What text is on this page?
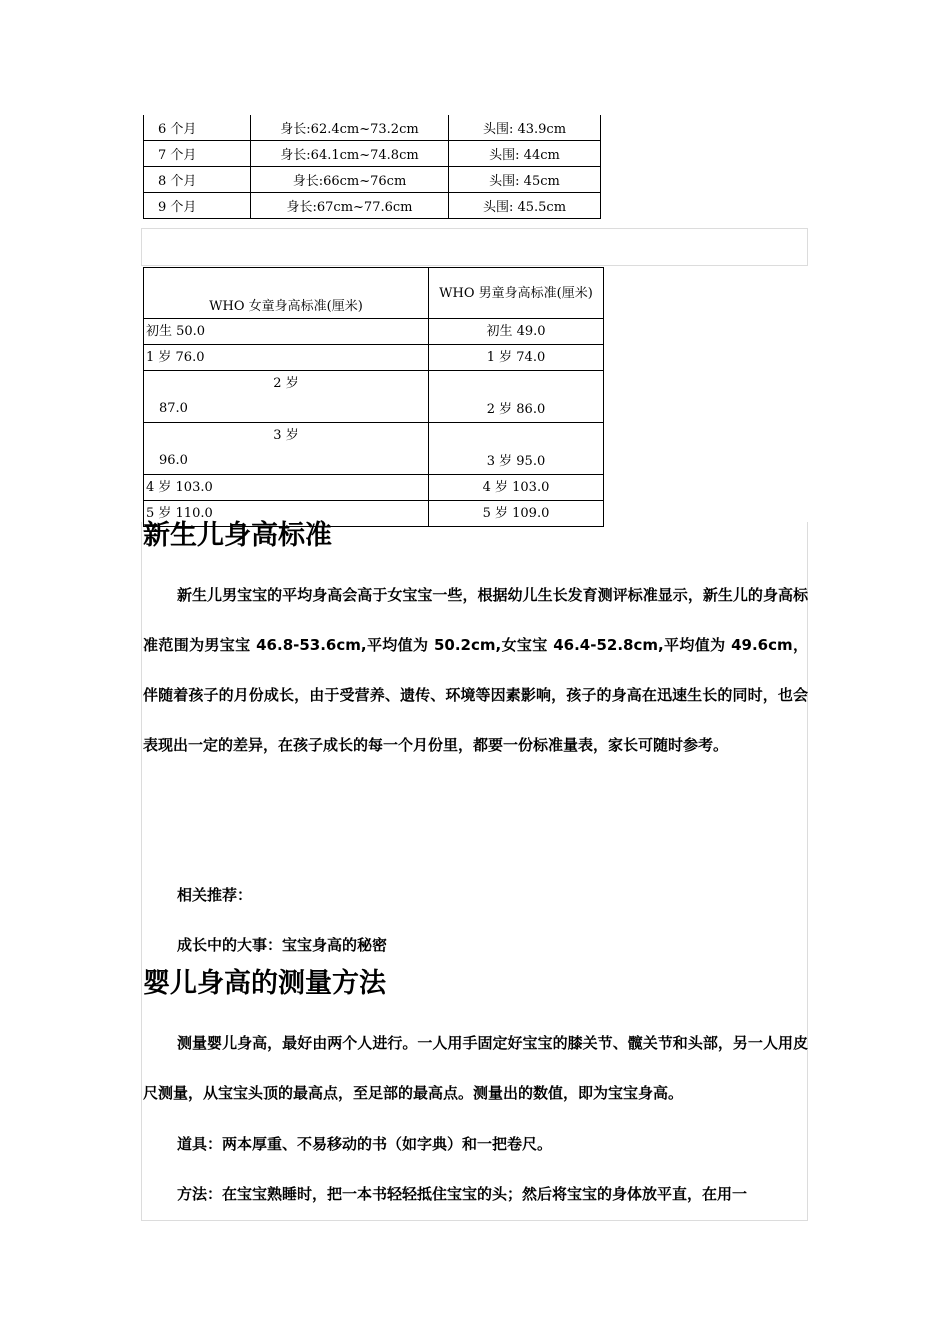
6 个月	身长:62.4cm~73.2cm	头围: 43.9cm
7 个月	身长:64.1cm~74.8cm	头围: 44cm
8 个月	身长:66cm~76cm	头围: 45cm
9 个月	身长:67cm~77.6cm	头围: 45.5cm
WHO 女童身高标准(厘米)	WHO 男童身高标准(厘米)
初生 50.0	初生 49.0
1 岁 76.0	1 岁 74.0

2 岁
87.0	2 岁 86.0

3 岁
96.0	3 岁 95.0
4 岁 103.0	4 岁 103.0
5 岁 110.0	5 岁 109.0
新生儿身高标准

新生儿男宝宝的平均身高会高于女宝宝一些，根据幼儿生长发育测评标准显示，新生儿的身高标准范围为男宝宝 46.8-53.6cm,平均值为 50.2cm,女宝宝 46.4-52.8cm,平均值为 49.6cm，伴随着孩子的月份成长，由于受营养、遗传、环境等因素影响，孩子的身高在迅速生长的同时，也会表现出一定的差异，在孩子成长的每一个月份里，都要一份标准量表，家长可随时参考。

相关推荐：

成长中的大事：宝宝身高的秘密

婴儿身高的测量方法

测量婴儿身高，最好由两个人进行。一人用手固定好宝宝的膝关节、髋关节和头部，另一人用皮尺测量，从宝宝头顶的最高点，至足部的最高点。测量出的数值，即为宝宝身高。

道具：两本厚重、不易移动的书（如字典）和一把卷尺。

方法：在宝宝熟睡时，把一本书轻轻抵住宝宝的头；然后将宝宝的身体放平直，在用一
